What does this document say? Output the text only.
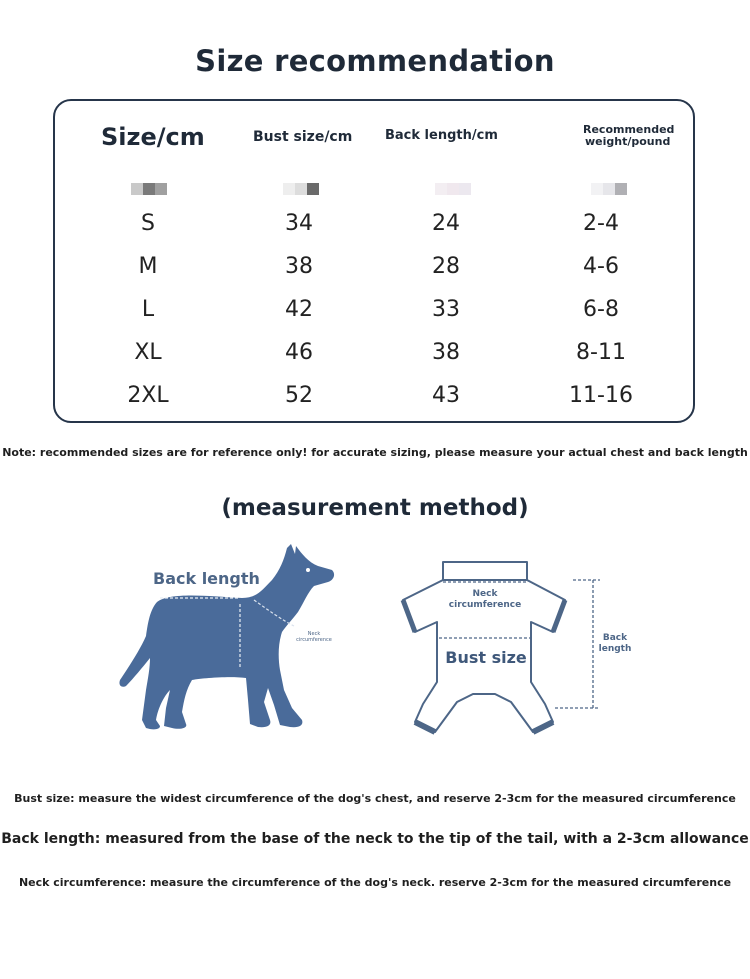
Size recommendation
Size/cm	Bust size/cm	Back length/cm	Recommended
weight/pound
S	34	24	2-4
M	38	28	4-6
L	42	33	6-8
XL	46	38	8-11
2XL	52	43	11-16
Note: recommended sizes are for reference only! for accurate sizing, please measure your actual chest and back length
(measurement method)
Back length
Neck circumference
Bust size
Neck
circumference
Bust size
Back
length
Bust size: measure the widest circumference of the dog's chest, and reserve 2-3cm for the measured circumference
Back length: measured from the base of the neck to the tip of the tail, with a 2-3cm allowance
Neck circumference: measure the circumference of the dog's neck. reserve 2-3cm for the measured circumference
